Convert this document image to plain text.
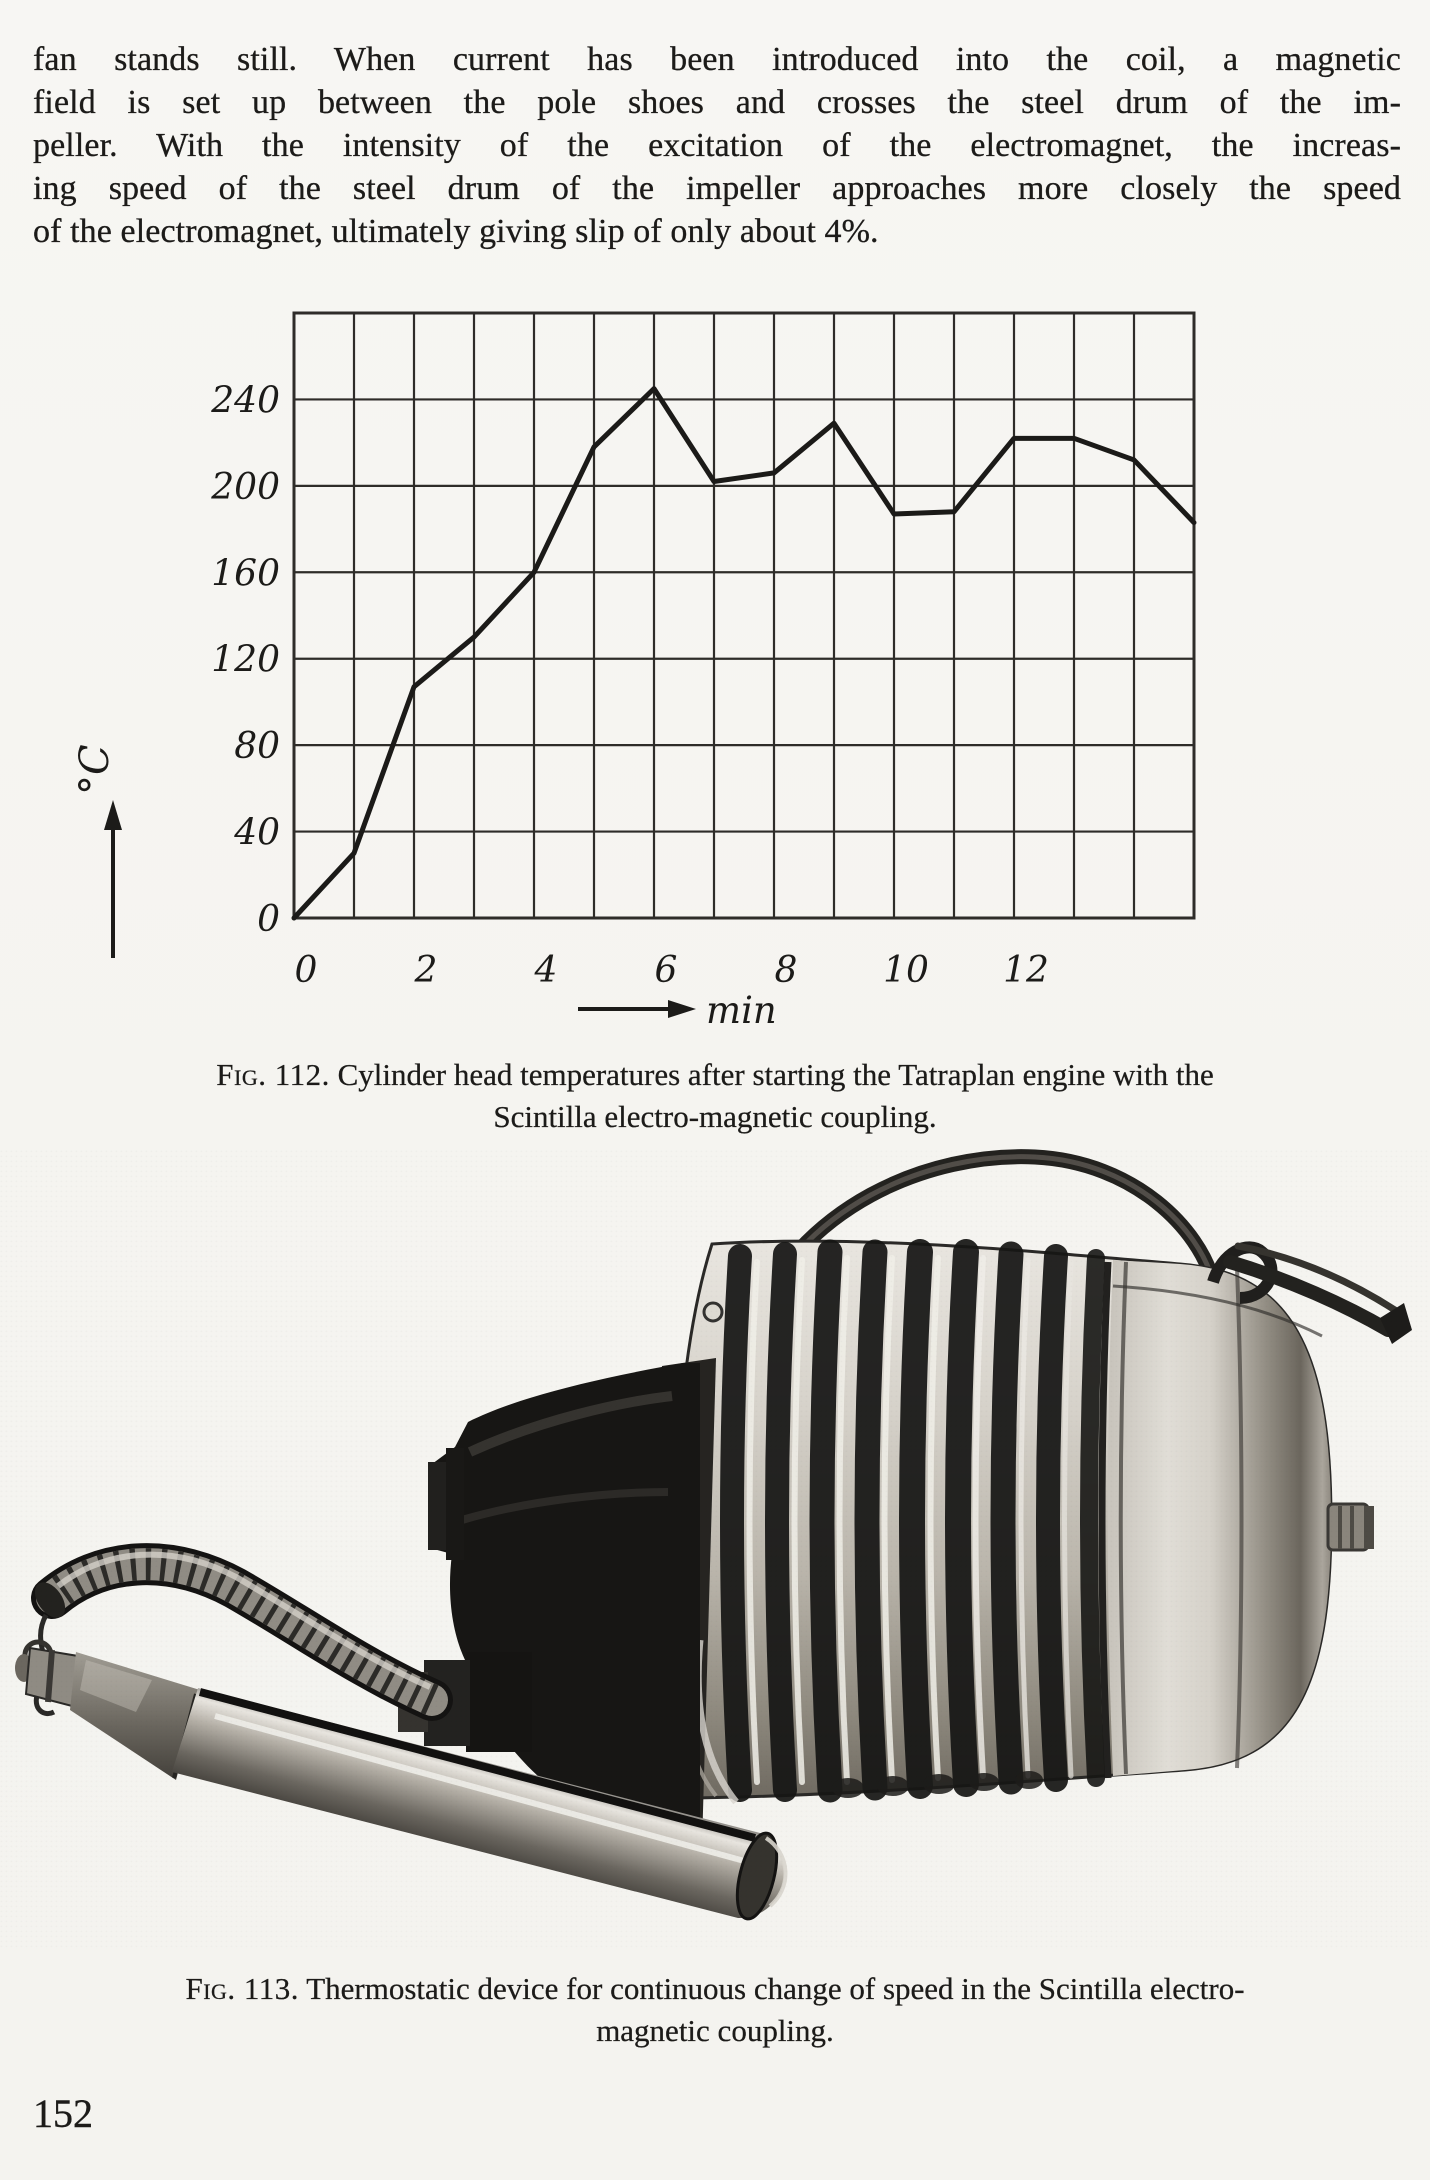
fan stands still. When current has been introduced into the coil, a magnetic
field is set up between the pole shoes and crosses the steel drum of the im-
peller. With the intensity of the excitation of the electromagnet, the increas-
ing speed of the steel drum of the impeller approaches more closely the speed
of the electromagnet, ultimately giving slip of only about 4%.
0
40
80
120
160
200
240
0	2	4	6	8 10 12
°C
min
Fig. 112. Cylinder head temperatures after starting the Tatraplan engine with the
Scintilla electro-magnetic coupling.
Fig. 113. Thermostatic device for continuous change of speed in the Scintilla electro-
magnetic coupling.
152
